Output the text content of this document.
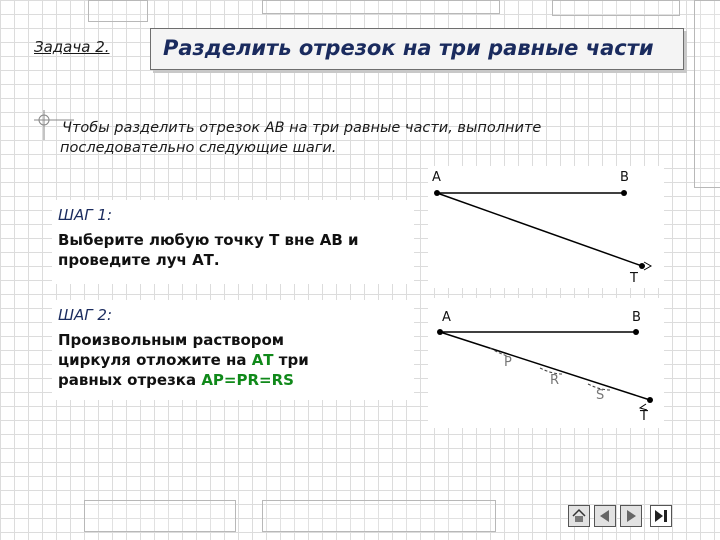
Задача 2.	Разделить отрезок на три равные части
Чтобы разделить отрезок АВ на три равные части, выполните
последовательно следующие шаги.
ШАГ 1:
Выберите любую точку Т вне АВ и
проведите луч АТ.
ШАГ 2:
Произвольным раствором
циркуля отложите на АТ три
равных отрезка АР=PR=RS
A	B
T
A	B
P
R
S
T
